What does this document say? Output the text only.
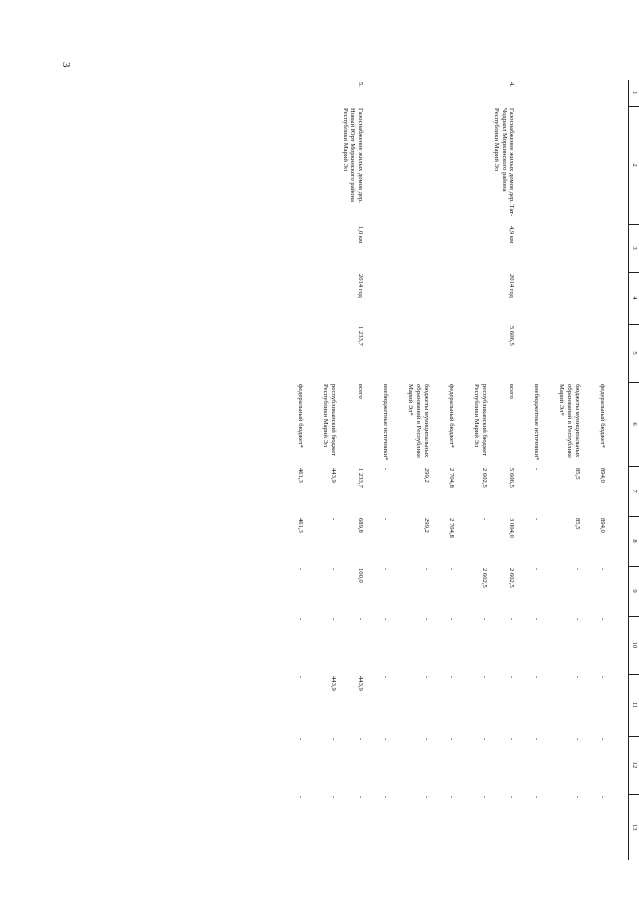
3
1	2	3	4	5	6	7	8	9	10	11	12	13
					федеральный бюджет*	894,0	894,0	-	-	-	-	-
					бюджеты муниципальных образований в Республике Марий Эл*	85,5	85,5	-	-	-	-	-
					внебюджетные источники*	-	-	-	-	-	-	-
4.	Газоснабжение жилых домов дер. Тат-Чодраял Моркинского района Республики Марий Эл	4,9 км	2014 год	5 606,5	всего	5 606,5	3 004,0	2 602,5	-	-	-	-
					республиканский бюджет Республики Марий Эл	2 602,5	-	2 602,5	-	-	-	-
					федеральный бюджет*	2 704,8	2 704,8	-	-	-	-	-
					бюджеты муниципальных образований в Республике Марий Эл*	299,2	299,2	-	-	-	-	-
					внебюджетные источники*	-	-	-	-	-	-	-
5.	Газоснабжение жилых домов дер. Новый Юрт Моркинского района Республики Марий Эл	1,0 км	2014 год	1 233,7	всего	1 233,7	689,8	100,0	-	443,9	-	-
					республиканский бюджет Республики Марий Эл	443,9	-	-	-	443,9	-	-
					федеральный бюджет*	461,3	461,3	-	-	-	-	-
